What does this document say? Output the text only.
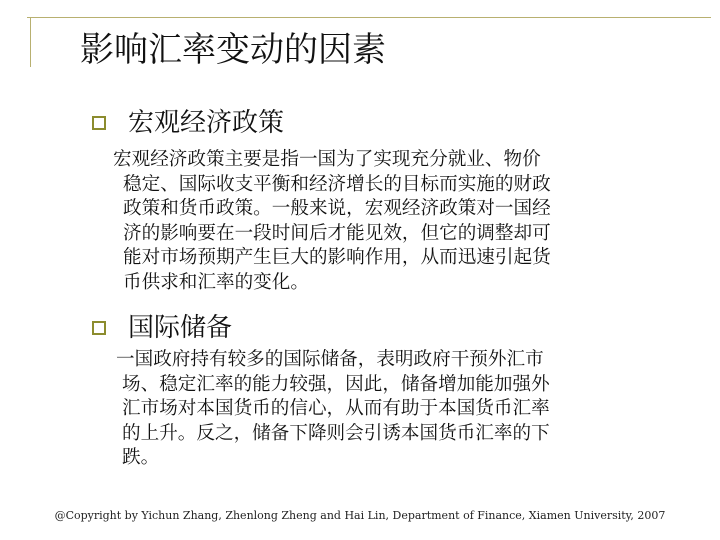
影响汇率变动的因素
宏观经济政策
宏观经济政策主要是指一国为了实现充分就业、物价
稳定、国际收支平衡和经济增长的目标而实施的财政
政策和货币政策。一般来说，宏观经济政策对一国经
济的影响要在一段时间后才能见效，但它的调整却可
能对市场预期产生巨大的影响作用，从而迅速引起货
币供求和汇率的变化。
国际储备
一国政府持有较多的国际储备，表明政府干预外汇市
场、稳定汇率的能力较强，因此，储备增加能加强外
汇市场对本国货币的信心，从而有助于本国货币汇率
的上升。反之，储备下降则会引诱本国货币汇率的下
跌。
@Copyright by Yichun Zhang, Zhenlong Zheng and Hai Lin, Department of Finance, Xiamen University, 2007
